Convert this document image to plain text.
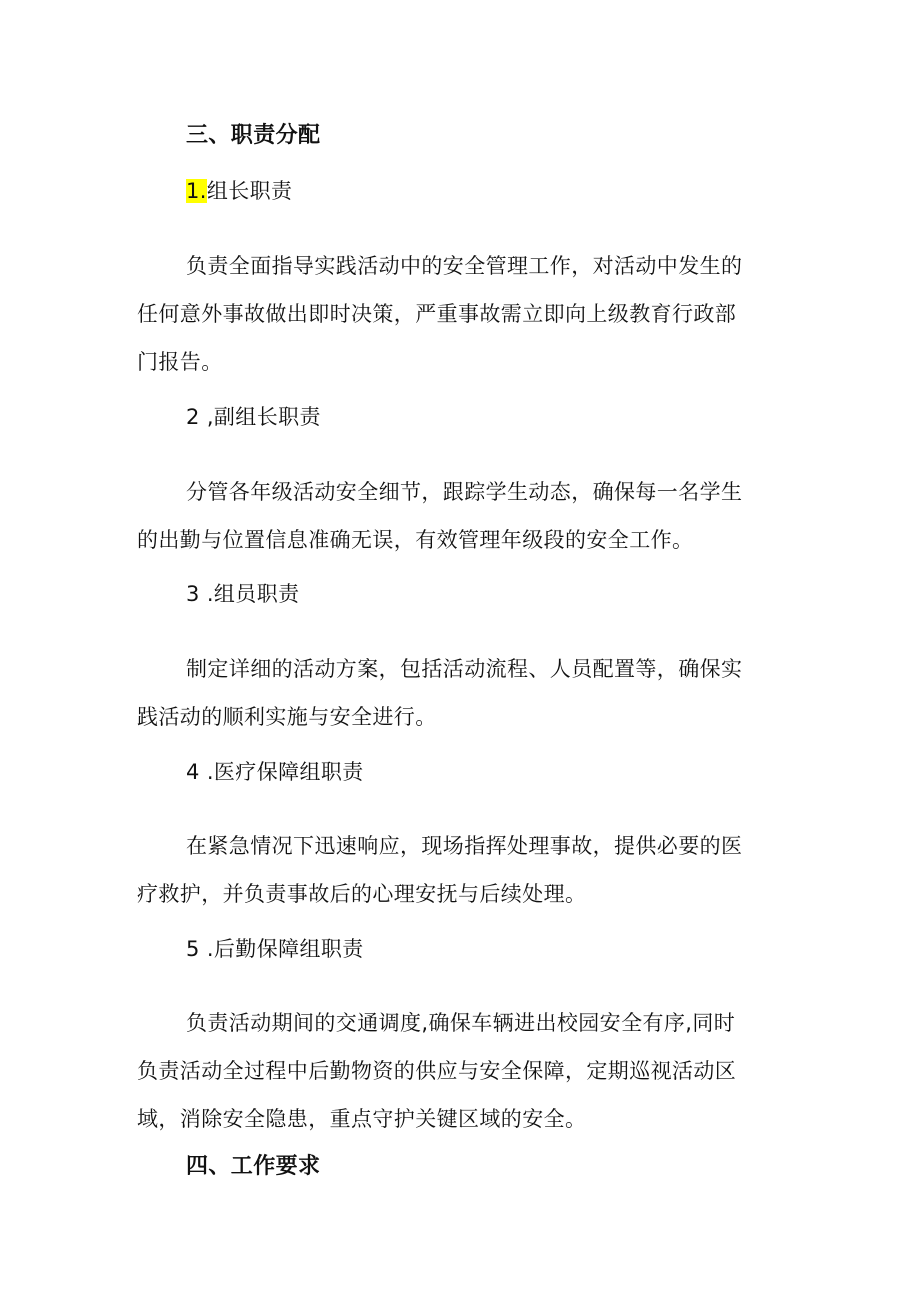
三、职责分配
1.组长职责
负责全面指导实践活动中的安全管理工作，对活动中发生的
任何意外事故做出即时决策，严重事故需立即向上级教育行政部
门报告。
2 ,副组长职责
分管各年级活动安全细节，跟踪学生动态，确保每一名学生
的出勤与位置信息准确无误，有效管理年级段的安全工作。
3 .组员职责
制定详细的活动方案，包括活动流程、人员配置等，确保实
践活动的顺利实施与安全进行。
4 .医疗保障组职责
在紧急情况下迅速响应，现场指挥处理事故，提供必要的医
疗救护，并负责事故后的心理安抚与后续处理。
5 .后勤保障组职责
负责活动期间的交通调度,确保车辆进出校园安全有序,同时
负责活动全过程中后勤物资的供应与安全保障，定期巡视活动区
域，消除安全隐患，重点守护关键区域的安全。
四、工作要求
